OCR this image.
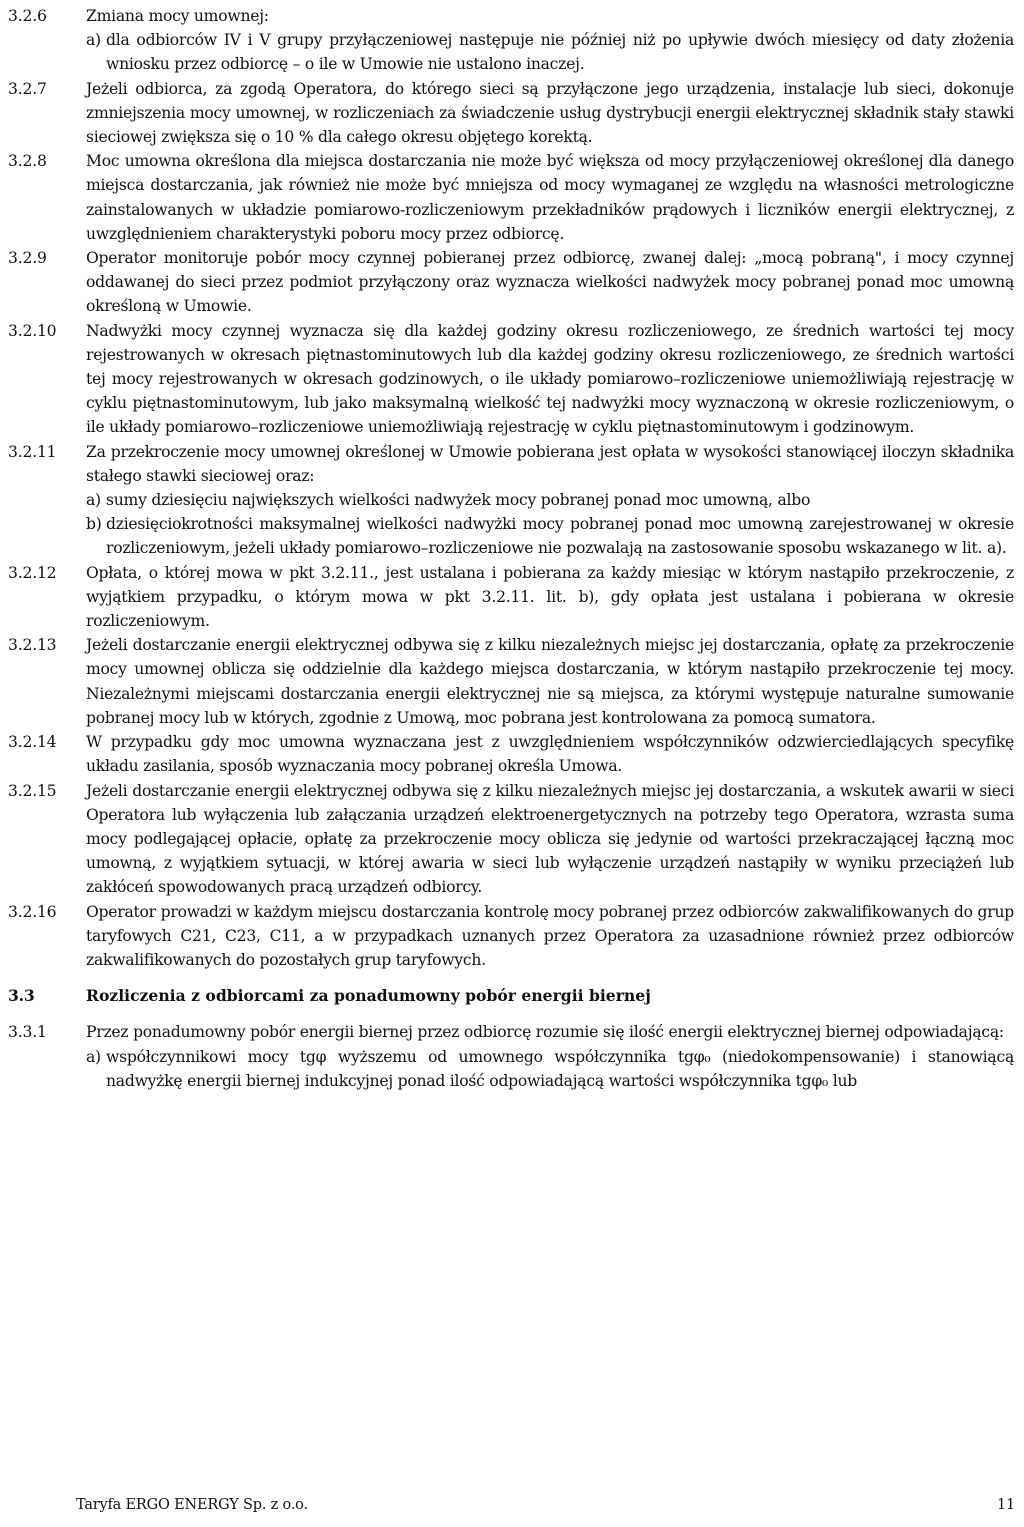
3.2.6	Zmiana mocy umownej:

a) dla odbiorców IV i V grupy przyłączeniowej następuje nie później niż po upływie dwóch miesięcy od daty złożenia wniosku przez odbiorcę – o ile w Umowie nie ustalono inaczej.
3.2.7	Jeżeli odbiorca, za zgodą Operatora, do którego sieci są przyłączone jego urządzenia, instalacje lub sieci, dokonuje zmniejszenia mocy umownej, w rozliczeniach za świadczenie usług dystrybucji energii elektrycznej składnik stały stawki sieciowej zwiększa się o 10 % dla całego okresu objętego korektą.

3.2.8	Moc umowna określona dla miejsca dostarczania nie może być większa od mocy przyłączeniowej określonej dla danego miejsca dostarczania, jak również nie może być mniejsza od mocy wymaganej ze względu na własności metrologiczne zainstalowanych w układzie pomiarowo-rozliczeniowym przekładników prądowych i liczników energii elektrycznej, z uwzględnieniem charakterystyki poboru mocy przez odbiorcę.

3.2.9	Operator monitoruje pobór mocy czynnej pobieranej przez odbiorcę, zwanej dalej: „mocą pobraną", i mocy czynnej oddawanej do sieci przez podmiot przyłączony oraz wyznacza wielkości nadwyżek mocy pobranej ponad moc umowną określoną w Umowie.

3.2.10	Nadwyżki mocy czynnej wyznacza się dla każdej godziny okresu rozliczeniowego, ze średnich wartości tej mocy rejestrowanych w okresach piętnastominutowych lub dla każdej godziny okresu rozliczeniowego, ze średnich wartości tej mocy rejestrowanych w okresach godzinowych, o ile układy pomiarowo–rozliczeniowe uniemożliwiają rejestrację w cyklu piętnastominutowym, lub jako maksymalną wielkość tej nadwyżki mocy wyznaczoną w okresie rozliczeniowym, o ile układy pomiarowo–rozliczeniowe uniemożliwiają rejestrację w cyklu piętnastominutowym i godzinowym.

3.2.11	Za przekroczenie mocy umownej określonej w Umowie pobierana jest opłata w wysokości stanowiącej iloczyn składnika stałego stawki sieciowej oraz:

a) sumy dziesięciu największych wielkości nadwyżek mocy pobranej ponad moc umowną, albo
b) dziesięciokrotności maksymalnej wielkości nadwyżki mocy pobranej ponad moc umowną zarejestrowanej w okresie rozliczeniowym, jeżeli układy pomiarowo–rozliczeniowe nie pozwalają na zastosowanie sposobu wskazanego w lit. a).
3.2.12	Opłata, o której mowa w pkt 3.2.11., jest ustalana i pobierana za każdy miesiąc w którym nastąpiło przekroczenie, z wyjątkiem przypadku, o którym mowa w pkt 3.2.11. lit. b), gdy opłata jest ustalana i pobierana w okresie rozliczeniowym.

3.2.13	Jeżeli dostarczanie energii elektrycznej odbywa się z kilku niezależnych miejsc jej dostarczania, opłatę za przekroczenie mocy umownej oblicza się oddzielnie dla każdego miejsca dostarczania, w którym nastąpiło przekroczenie tej mocy. Niezależnymi miejscami dostarczania energii elektrycznej nie są miejsca, za którymi występuje naturalne sumowanie pobranej mocy lub w których, zgodnie z Umową, moc pobrana jest kontrolowana za pomocą sumatora.

3.2.14	W przypadku gdy moc umowna wyznaczana jest z uwzględnieniem współczynników odzwierciedlających specyfikę układu zasilania, sposób wyznaczania mocy pobranej określa Umowa.

3.2.15	Jeżeli dostarczanie energii elektrycznej odbywa się z kilku niezależnych miejsc jej dostarczania, a wskutek awarii w sieci Operatora lub wyłączenia lub załączania urządzeń elektroenergetycznych na potrzeby tego Operatora, wzrasta suma mocy podlegającej opłacie, opłatę za przekroczenie mocy oblicza się jedynie od wartości przekraczającej łączną moc umowną, z wyjątkiem sytuacji, w której awaria w sieci lub wyłączenie urządzeń nastąpiły w wyniku przeciążeń lub zakłóceń spowodowanych pracą urządzeń odbiorcy.

3.2.16	Operator prowadzi w każdym miejscu dostarczania kontrolę mocy pobranej przez odbiorców zakwalifikowanych do grup taryfowych C21, C23, C11, a w przypadkach uznanych przez Operatora za uzasadnione również przez odbiorców zakwalifikowanych do pozostałych grup taryfowych.

3.3	Rozliczenia z odbiorcami za ponadumowny pobór energii biernej
3.3.1	Przez ponadumowny pobór energii biernej przez odbiorcę rozumie się ilość energii elektrycznej biernej odpowiadającą:

a) współczynnikowi mocy tgφ wyższemu od umownego współczynnika tgφ₀ (niedokompensowanie) i stanowiącą nadwyżkę energii biernej indukcyjnej ponad ilość odpowiadającą wartości współczynnika tgφ₀ lub
Taryfa ERGO ENERGY Sp. z o.o.	11
